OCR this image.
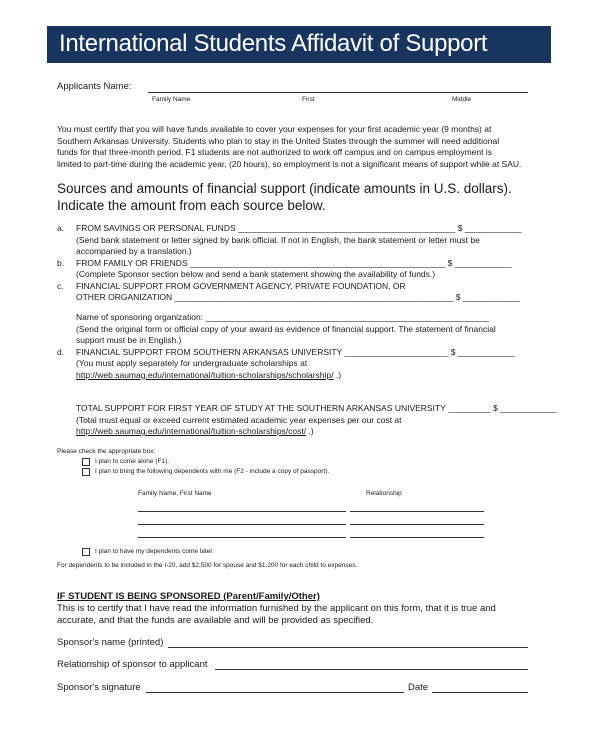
International Students Affidavit of Support
Applicants Name:
Family Name	First	Middle
You must certify that you will have funds available to cover your expenses for your first academic year (9 months) at
Southern Arkansas University. Students who plan to stay in the United States through the summer will need additional
funds for that three-month period. F1 students are not authorized to work off campus and on campus employment is
limited to part-time during the academic year, (20 hours), so employment is not a significant means of support while at SAU.
Sources and amounts of financial support (indicate amounts in U.S. dollars).
Indicate the amount from each source below.
a. FROM SAVINGS OR PERSONAL FUNDS ______________________________________________ $ ____________
(Send bank statement or letter signed by bank official. If not in English, the bank statement or letter must be
accompanied by a translation.)
b. FROM FAMILY OR FRIENDS ______________________________________________________ $ ____________
(Complete Sponsor section below and send a bank statement showing the availability of funds.)
c. FINANCIAL SUPPORT FROM GOVERNMENT AGENCY, PRIVATE FOUNDATION, OR
OTHER ORGANIZATION ___________________________________________________________ $ ____________
Name of sponsoring organization: ____________________________________________________________
(Send the original form or official copy of your award as evidence of financial support. The statement of financial
support must be in English.)
d. FINANCIAL SUPPORT FROM SOUTHERN ARKANSAS UNIVERSITY ______________________ $ ____________
(You must apply separately for undergraduate scholarships at
http://web.saumag.edu/international/tuition-scholarships/scholarship/ .)
TOTAL SUPPORT FOR FIRST YEAR OF STUDY AT THE SOUTHERN ARKANSAS UNIVERSITY _________ $ ____________
(Total must equal or exceed current estimated academic year expenses per our cost at
http://web.saumag.edu/international/tuition-scholarships/cost/ .)
Please check the appropriate box:
I plan to come alone (F1).
I plan to bring the following dependents with me (F2 - include a copy of passport).
Family Name, First Name	Relationship
I plan to have my dependents come later.
For dependents to be included in the I-20, add $2,500 for spouse and $1,200 for each child to expenses.
IF STUDENT IS BEING SPONSORED (Parent/Family/Other)
This is to certify that I have read the information furnished by the applicant on this form, that it is true and
accurate, and that the funds are available and will be provided as specified.
Sponsor's name (printed)
Relationship of sponsor to applicant
Sponsor's signature	Date
